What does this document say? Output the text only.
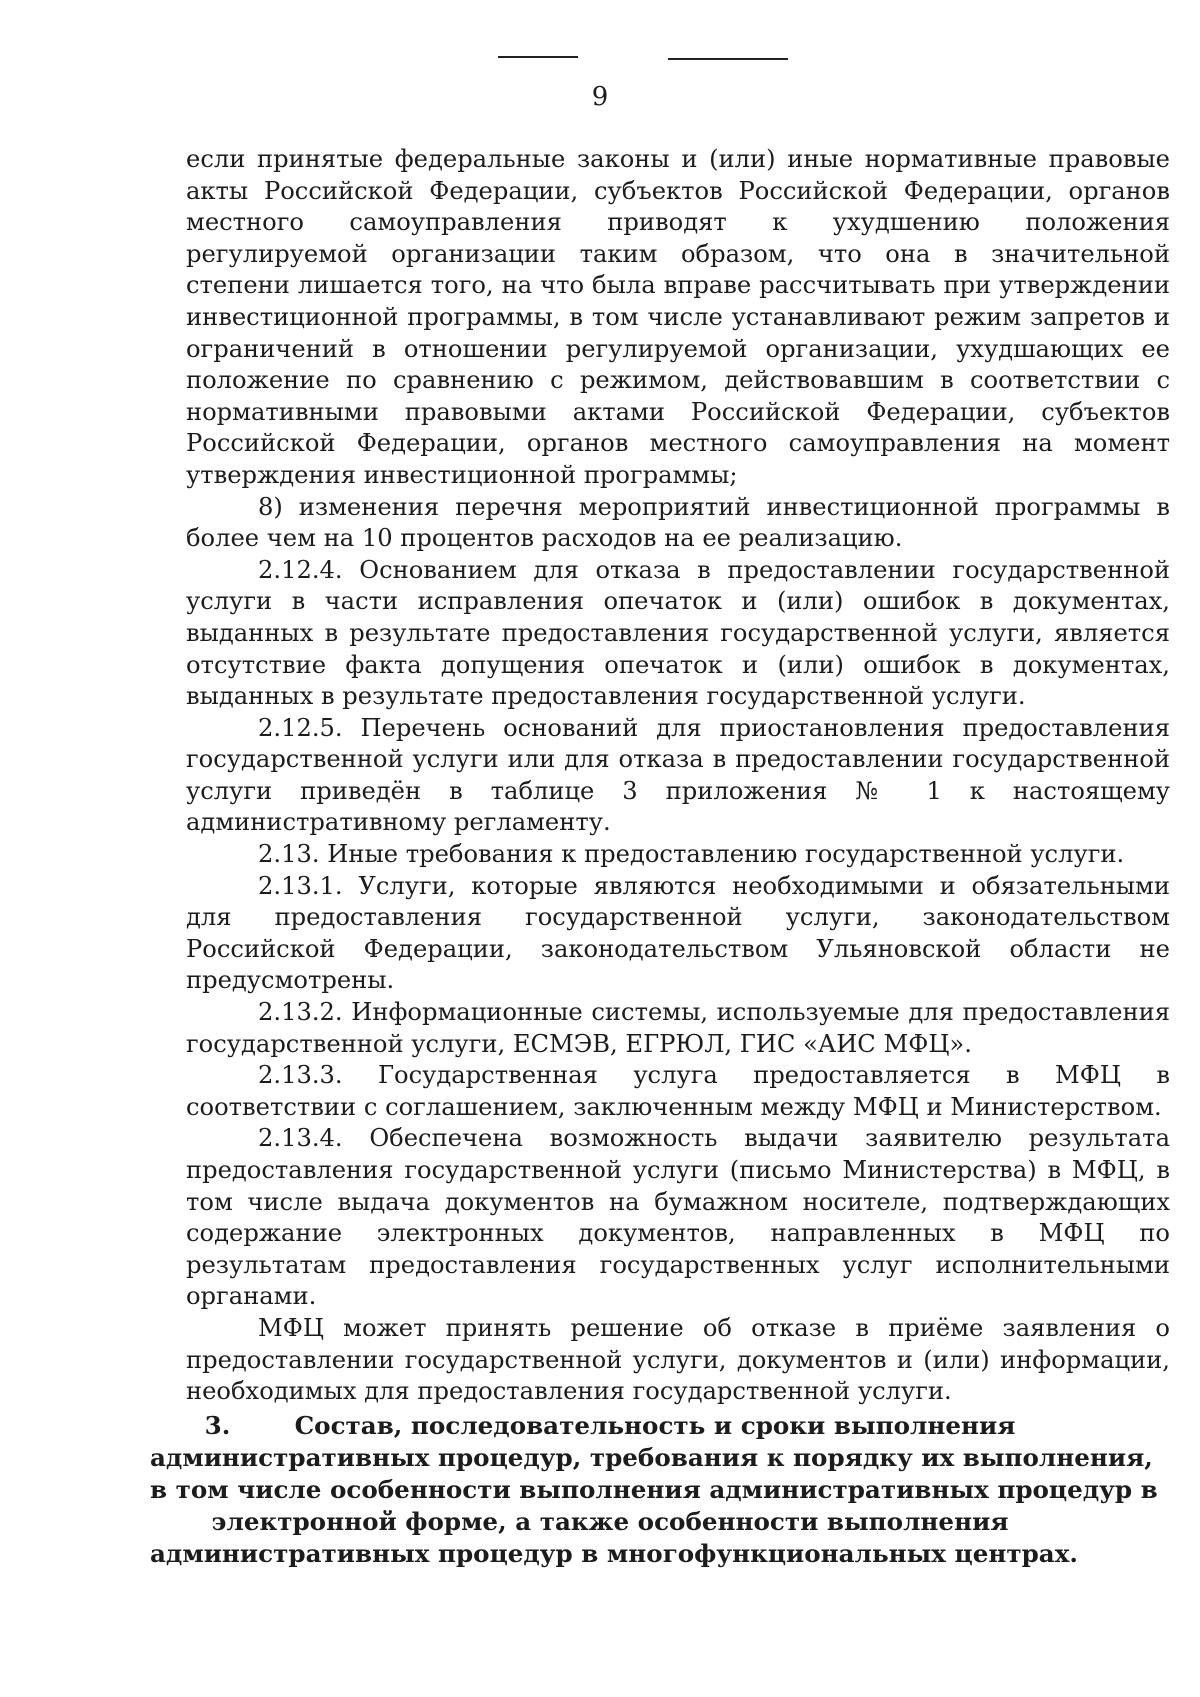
9

если принятые федеральные законы и (или) иные нормативные правовые акты Российской Федерации, субъектов Российской Федерации, органов местного самоуправления приводят к ухудшению положения регулируемой организации таким образом, что она в значительной степени лишается того, на что была вправе рассчитывать при утверждении инвестиционной программы, в том числе устанавливают режим запретов и ограничений в отношении регулируемой организации, ухудшающих ее положение по сравнению с режимом, действовавшим в соответствии с нормативными правовыми актами Российской Федерации, субъектов Российской Федерации, органов местного самоуправления на момент утверждения инвестиционной программы;

8) изменения перечня мероприятий инвестиционной программы в более чем на 10 процентов расходов на ее реализацию.

2.12.4. Основанием для отказа в предоставлении государственной услуги в части исправления опечаток и (или) ошибок в документах, выданных в результате предоставления государственной услуги, является отсутствие факта допущения опечаток и (или) ошибок в документах, выданных в результате предоставления государственной услуги.

2.12.5. Перечень оснований для приостановления предоставления государственной услуги или для отказа в предоставлении государственной услуги приведён в таблице 3 приложения № 1 к настоящему административному регламенту.

2.13. Иные требования к предоставлению государственной услуги.

2.13.1. Услуги, которые являются необходимыми и обязательными для предоставления государственной услуги, законодательством Российской Федерации, законодательством Ульяновской области не предусмотрены.

2.13.2. Информационные системы, используемые для предоставления государственной услуги, ЕСМЭВ, ЕГРЮЛ, ГИС «АИС МФЦ».

2.13.3. Государственная услуга предоставляется в МФЦ в соответствии с соглашением, заключенным между МФЦ и Министерством.

2.13.4. Обеспечена возможность выдачи заявителю результата предоставления государственной услуги (письмо Министерства) в МФЦ, в том числе выдача документов на бумажном носителе, подтверждающих содержание электронных документов, направленных в МФЦ по результатам предоставления государственных услуг исполнительными органами.

МФЦ может принять решение об отказе в приёме заявления о предоставлении государственной услуги, документов и (или) информации, необходимых для предоставления государственной услуги.

3.	Состав, последовательность и сроки выполнения
административных процедур, требования к порядку их выполнения,
в том числе особенности выполнения административных процедур в
электронной форме, а также особенности выполнения
административных процедур в многофункциональных центрах.
